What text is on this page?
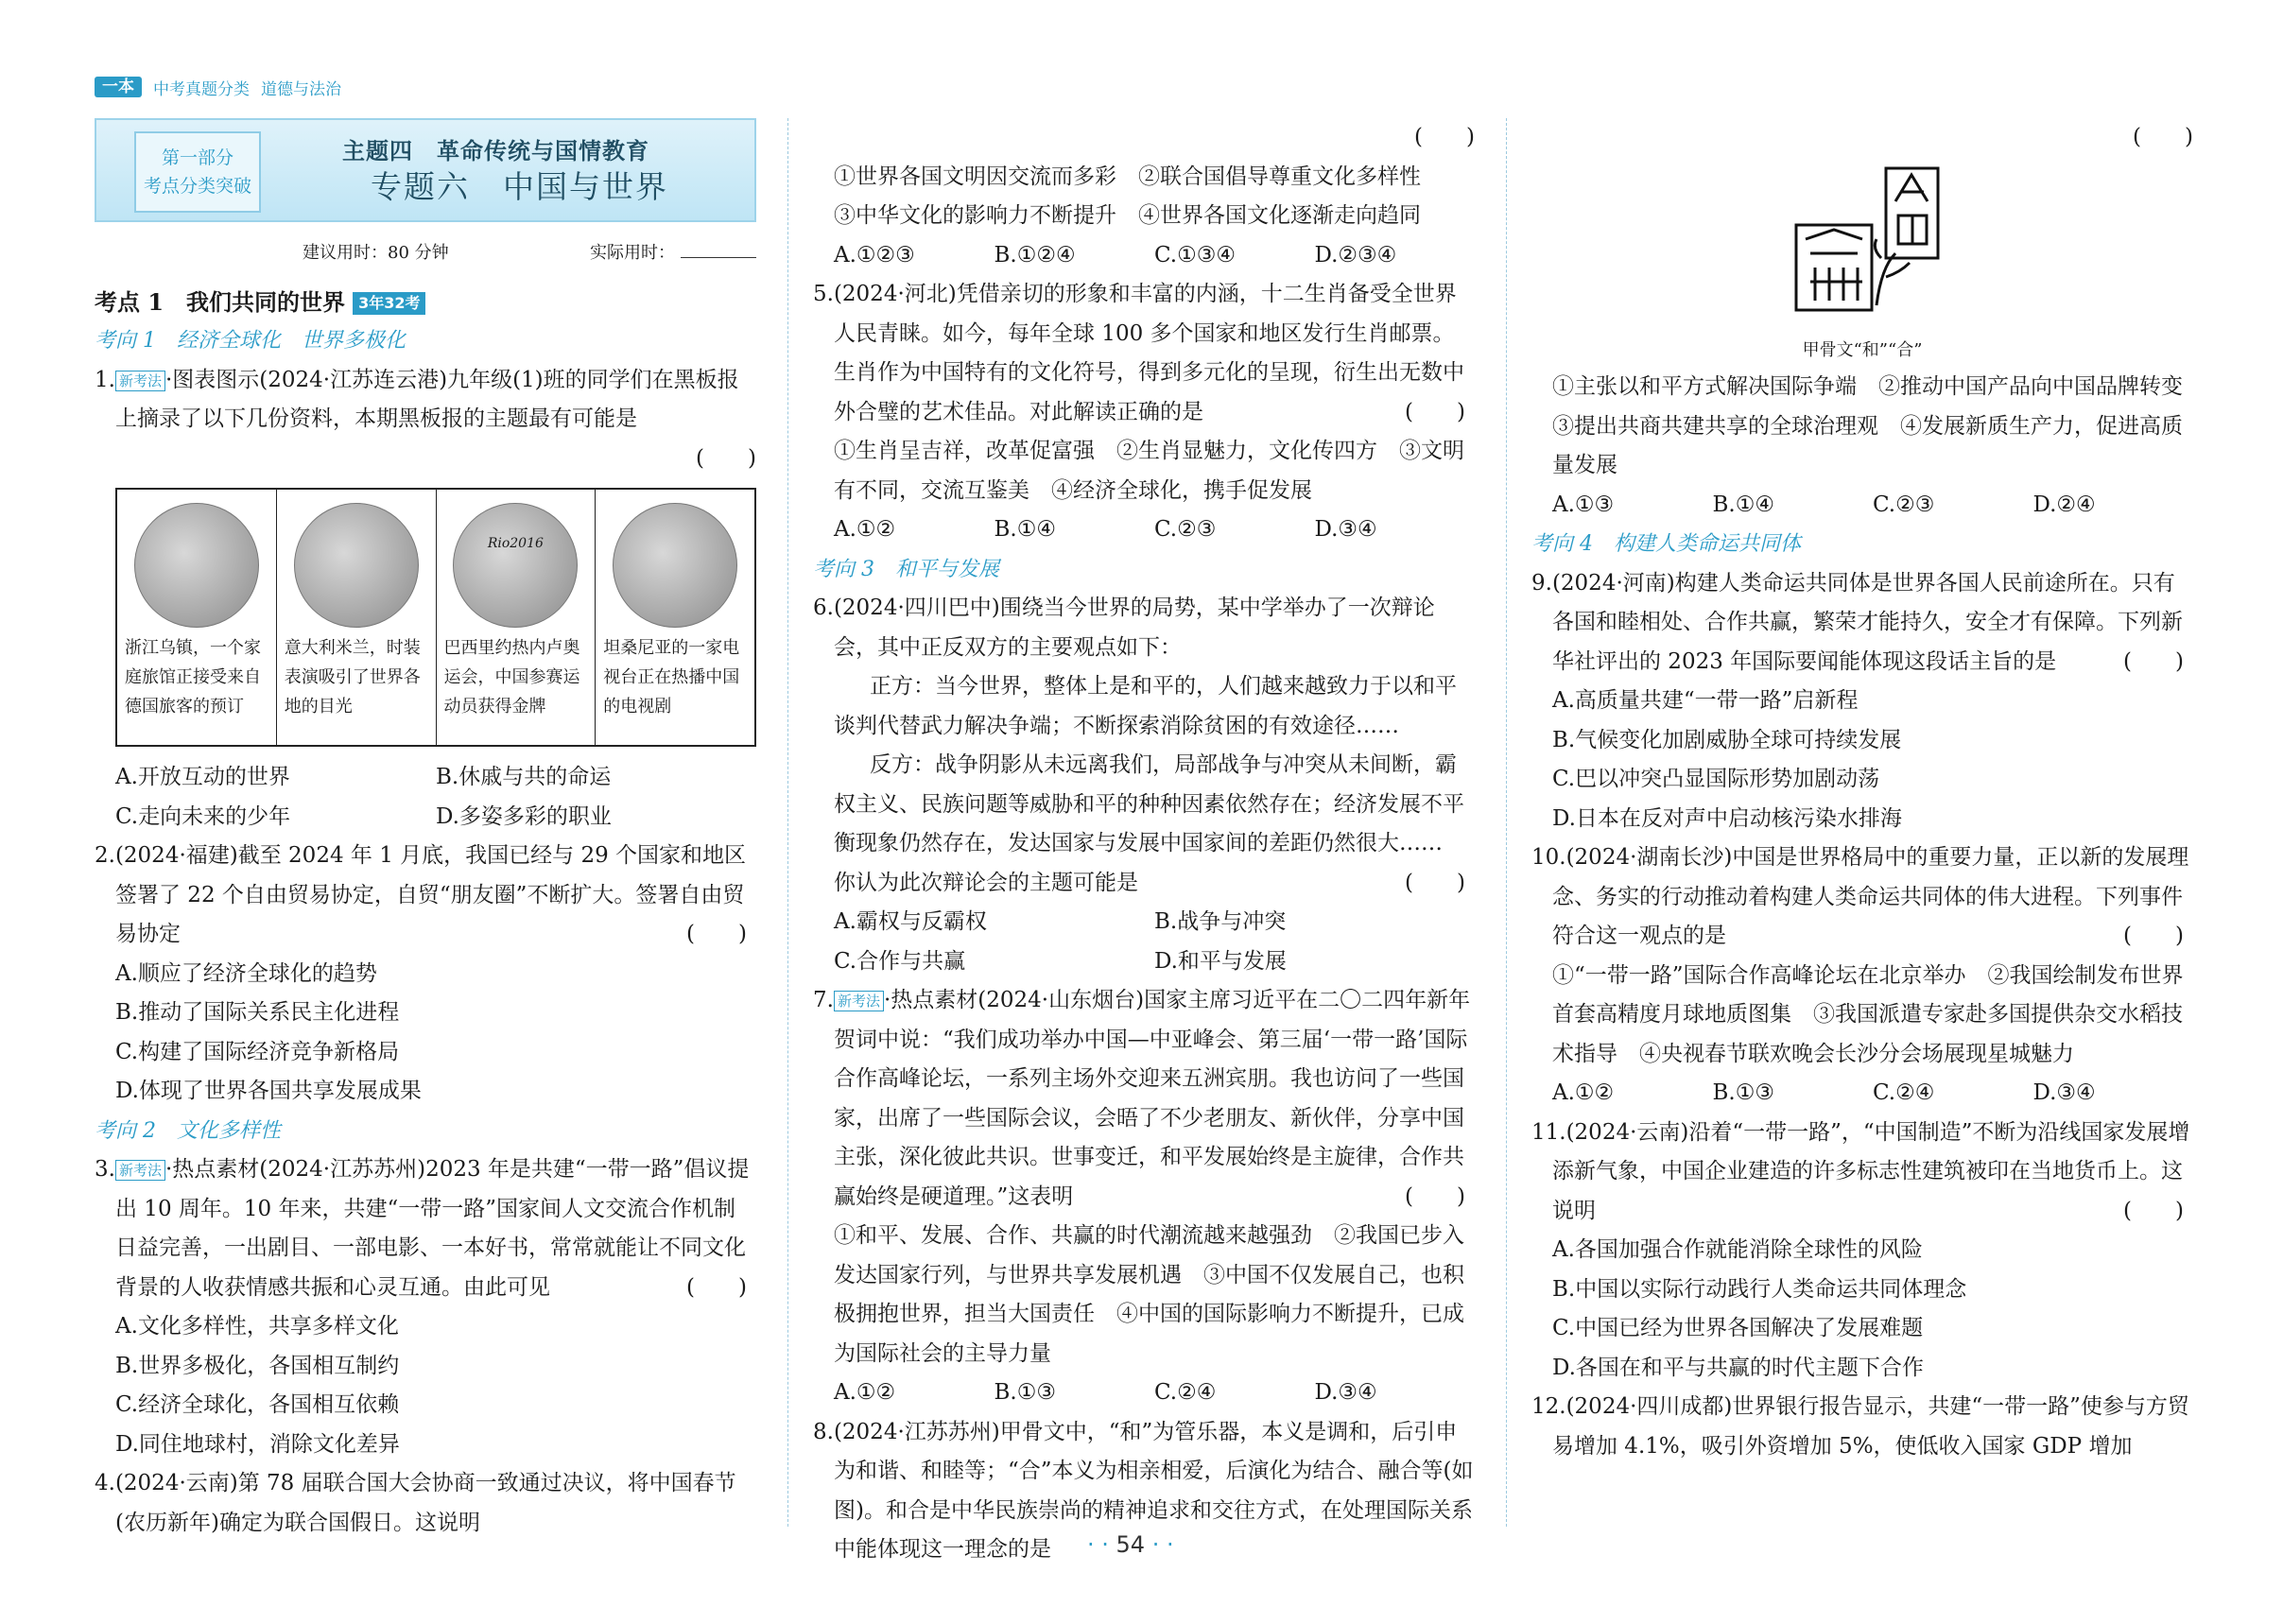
一本	中考真题分类 道德与法治
第一部分
考点分类突破
主题四　革命传统与国情教育
专题六　中国与世界
建议用时：80 分钟	实际用时：
考点 1　我们共同的世界 3年32考
考向 1　经济全球化　世界多极化
1. 新考法 ·图表图示(2024·江苏连云港)九年级(1)班的同学们在黑板报上摘录了以下几份资料，本期黑板报的主题最有可能是
(　　)
浙江乌镇，一个家庭旅馆正接受来自德国旅客的预订
意大利米兰，时装表演吸引了世界各地的目光
Rio2016
巴西里约热内卢奥运会，中国参赛运动员获得金牌
坦桑尼亚的一家电视台正在热播中国的电视剧
A.开放互动的世界	B.休戚与共的命运
C.走向未来的少年	D.多姿多彩的职业
2.(2024·福建)截至 2024 年 1 月底，我国已经与 29 个国家和地区签署了 22 个自由贸易协定，自贸“朋友圈”不断扩大。签署自由贸易协定	(　　)
A.顺应了经济全球化的趋势
B.推动了国际关系民主化进程
C.构建了国际经济竞争新格局
D.体现了世界各国共享发展成果
考向 2　文化多样性
3. 新考法 ·热点素材(2024·江苏苏州)2023 年是共建“一带一路”倡议提出 10 周年。10 年来，共建“一带一路”国家间人文交流合作机制日益完善，一出剧目、一部电影、一本好书，常常就能让不同文化背景的人收获情感共振和心灵互通。由此可见	(　　)
A.文化多样性，共享多样文化
B.世界多极化，各国相互制约
C.经济全球化，各国相互依赖
D.同住地球村，消除文化差异
4.(2024·云南)第 78 届联合国大会协商一致通过决议，将中国春节(农历新年)确定为联合国假日。这说明
(　　)
①世界各国文明因交流而多彩　②联合国倡导尊重文化多样性
③中华文化的影响力不断提升　④世界各国文化逐渐走向趋同
A.①②③	B.①②④	C.①③④	D.②③④
5.(2024·河北)凭借亲切的形象和丰富的内涵，十二生肖备受全世界人民青睐。如今，每年全球 100 多个国家和地区发行生肖邮票。生肖作为中国特有的文化符号，得到多元化的呈现，衍生出无数中外合璧的艺术佳品。对此解读正确的是	(　　)
①生肖呈吉祥，改革促富强　②生肖显魅力，文化传四方　③文明有不同，交流互鉴美　④经济全球化，携手促发展
A.①②	B.①④	C.②③	D.③④
考向 3　和平与发展
6.(2024·四川巴中)围绕当今世界的局势，某中学举办了一次辩论会，其中正反双方的主要观点如下：
正方：当今世界，整体上是和平的，人们越来越致力于以和平谈判代替武力解决争端；不断探索消除贫困的有效途径……
反方：战争阴影从未远离我们，局部战争与冲突从未间断，霸权主义、民族问题等威胁和平的种种因素依然存在；经济发展不平衡现象仍然存在，发达国家与发展中国家间的差距仍然很大……
你认为此次辩论会的主题可能是	(　　)
A.霸权与反霸权	B.战争与冲突
C.合作与共赢	D.和平与发展
7. 新考法 ·热点素材(2024·山东烟台)国家主席习近平在二〇二四年新年贺词中说：“我们成功举办中国—中亚峰会、第三届‘一带一路’国际合作高峰论坛，一系列主场外交迎来五洲宾朋。我也访问了一些国家，出席了一些国际会议，会晤了不少老朋友、新伙伴，分享中国主张，深化彼此共识。世事变迁，和平发展始终是主旋律，合作共赢始终是硬道理。”这表明	(　　)
①和平、发展、合作、共赢的时代潮流越来越强劲　②我国已步入发达国家行列，与世界共享发展机遇　③中国不仅发展自己，也积极拥抱世界，担当大国责任　④中国的国际影响力不断提升，已成为国际社会的主导力量
A.①②	B.①③	C.②④	D.③④
8.(2024·江苏苏州)甲骨文中，“和”为管乐器，本义是调和，后引申为和谐、和睦等；“合”本义为相亲相爱，后演化为结合、融合等(如图)。和合是中华民族崇尚的精神追求和交往方式，在处理国际关系中能体现这一理念的是
(　　)
甲骨文“和”“合”
①主张以和平方式解决国际争端　②推动中国产品向中国品牌转变　③提出共商共建共享的全球治理观　④发展新质生产力，促进高质量发展
A.①③	B.①④	C.②③	D.②④
考向 4　构建人类命运共同体
9.(2024·河南)构建人类命运共同体是世界各国人民前途所在。只有各国和睦相处、合作共赢，繁荣才能持久，安全才有保障。下列新华社评出的 2023 年国际要闻能体现这段话主旨的是	(　　)
A.高质量共建“一带一路”启新程
B.气候变化加剧威胁全球可持续发展
C.巴以冲突凸显国际形势加剧动荡
D.日本在反对声中启动核污染水排海
10.(2024·湖南长沙)中国是世界格局中的重要力量，正以新的发展理念、务实的行动推动着构建人类命运共同体的伟大进程。下列事件符合这一观点的是	(　　)
①“一带一路”国际合作高峰论坛在北京举办　②我国绘制发布世界首套高精度月球地质图集　③我国派遣专家赴多国提供杂交水稻技术指导　④央视春节联欢晚会长沙分会场展现星城魅力
A.①②	B.①③	C.②④	D.③④
11.(2024·云南)沿着“一带一路”，“中国制造”不断为沿线国家发展增添新气象，中国企业建造的许多标志性建筑被印在当地货币上。这说明	(　　)
A.各国加强合作就能消除全球性的风险
B.中国以实际行动践行人类命运共同体理念
C.中国已经为世界各国解决了发展难题
D.各国在和平与共赢的时代主题下合作
12.(2024·四川成都)世界银行报告显示，共建“一带一路”使参与方贸易增加 4.1%，吸引外资增加 5%，使低收入国家 GDP 增加
· · 54 · ·
